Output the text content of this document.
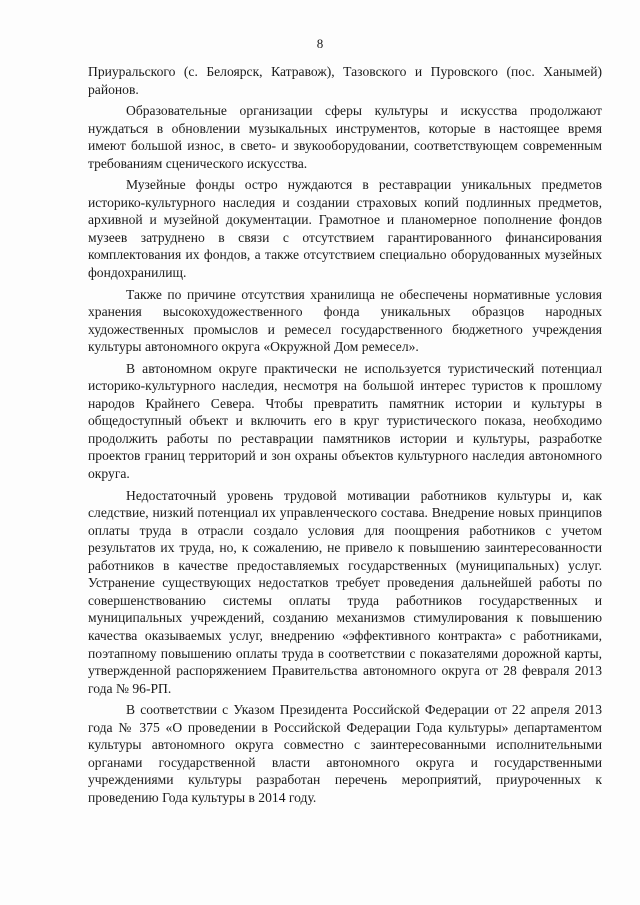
8

Приуральского (с. Белоярск, Катравож), Тазовского и Пуровского (пос. Ханымей) районов.

Образовательные организации сферы культуры и искусства продолжают нуждаться в обновлении музыкальных инструментов, которые в настоящее время имеют большой износ, в свето- и звукооборудовании, соответствующем современным требованиям сценического искусства.

Музейные фонды остро нуждаются в реставрации уникальных предметов историко-культурного наследия и создании страховых копий подлинных предметов, архивной и музейной документации. Грамотное и планомерное пополнение фондов музеев затруднено в связи с отсутствием гарантированного финансирования комплектования их фондов, а также отсутствием специально оборудованных музейных фондохранилищ.

Также по причине отсутствия хранилища не обеспечены нормативные условия хранения высокохудожественного фонда уникальных образцов народных художественных промыслов и ремесел государственного бюджетного учреждения культуры автономного округа «Окружной Дом ремесел».

В автономном округе практически не используется туристический потенциал историко-культурного наследия, несмотря на большой интерес туристов к прошлому народов Крайнего Севера. Чтобы превратить памятник истории и культуры в общедоступный объект и включить его в круг туристического показа, необходимо продолжить работы по реставрации памятников истории и культуры, разработке проектов границ территорий и зон охраны объектов культурного наследия автономного округа.

Недостаточный уровень трудовой мотивации работников культуры и, как следствие, низкий потенциал их управленческого состава. Внедрение новых принципов оплаты труда в отрасли создало условия для поощрения работников с учетом результатов их труда, но, к сожалению, не привело к повышению заинтересованности работников в качестве предоставляемых государственных (муниципальных) услуг. Устранение существующих недостатков требует проведения дальнейшей работы по совершенствованию системы оплаты труда работников государственных и муниципальных учреждений, созданию механизмов стимулирования к повышению качества оказываемых услуг, внедрению «эффективного контракта» с работниками, поэтапному повышению оплаты труда в соответствии с показателями дорожной карты, утвержденной распоряжением Правительства автономного округа от 28 февраля 2013 года № 96-РП.

В соответствии с Указом Президента Российской Федерации от 22 апреля 2013 года № 375 «О проведении в Российской Федерации Года культуры» департаментом культуры автономного округа совместно с заинтересованными исполнительными органами государственной власти автономного округа и государственными учреждениями культуры разработан перечень мероприятий, приуроченных к проведению Года культуры в 2014 году.
